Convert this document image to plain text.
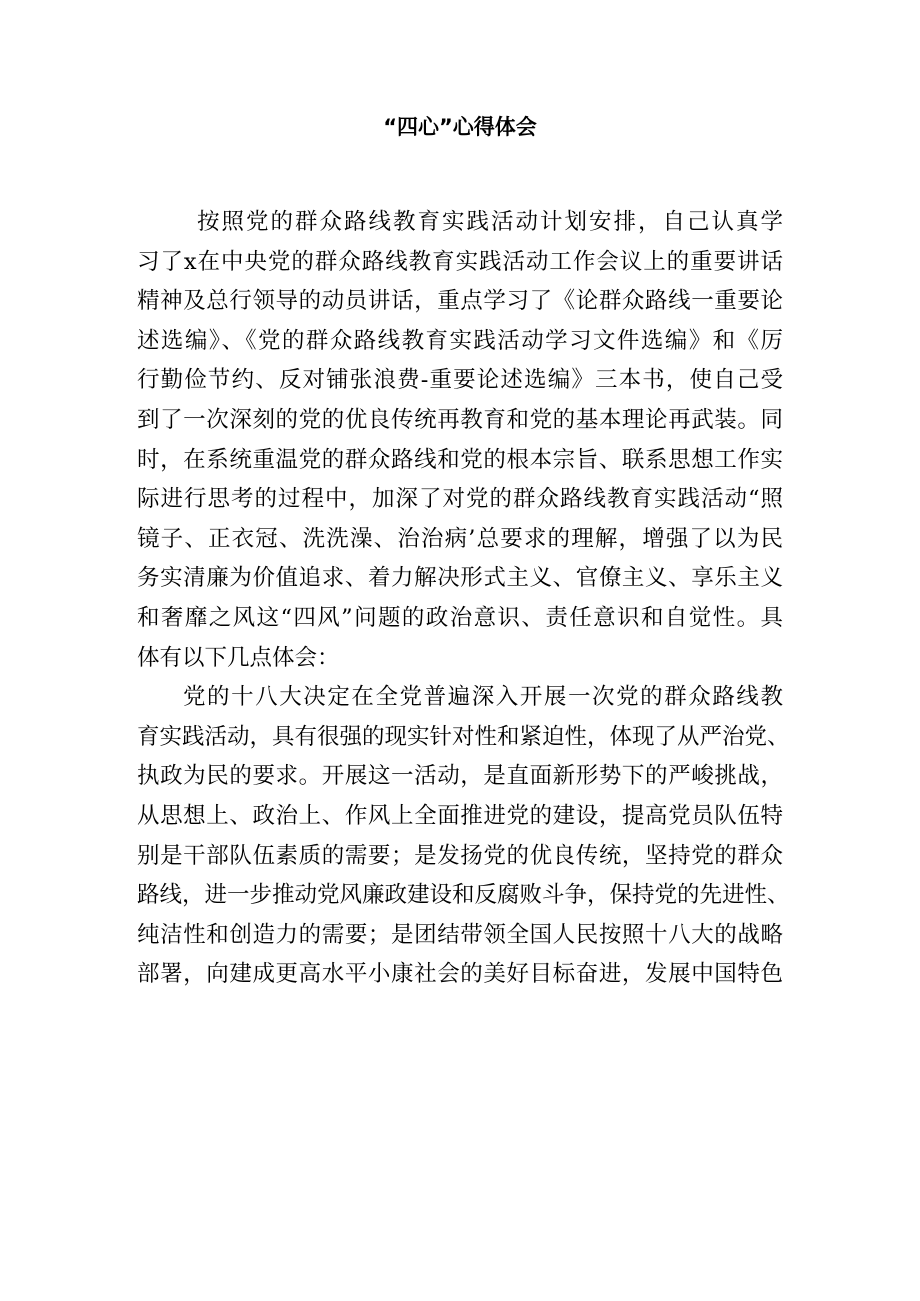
“四心”心得体会
按照党的群众路线教育实践活动计划安排，自己认真学
习了x在中央党的群众路线教育实践活动工作会议上的重要讲话
精神及总行领导的动员讲话，重点学习了《论群众路线一重要论
述选编》、《党的群众路线教育实践活动学习文件选编》和《厉
行勤俭节约、反对铺张浪费-重要论述选编》三本书，使自己受
到了一次深刻的党的优良传统再教育和党的基本理论再武装。同
时，在系统重温党的群众路线和党的根本宗旨、联系思想工作实
际进行思考的过程中，加深了对党的群众路线教育实践活动“照
镜子、正衣冠、洗洗澡、治治病’总要求的理解，增强了以为民
务实清廉为价值追求、着力解决形式主义、官僚主义、享乐主义
和奢靡之风这“四风”问题的政治意识、责任意识和自觉性。具
体有以下几点体会：
党的十八大决定在全党普遍深入开展一次党的群众路线教
育实践活动，具有很强的现实针对性和紧迫性，体现了从严治党、
执政为民的要求。开展这一活动，是直面新形势下的严峻挑战，
从思想上、政治上、作风上全面推进党的建设，提高党员队伍特
别是干部队伍素质的需要；是发扬党的优良传统，坚持党的群众
路线，进一步推动党风廉政建设和反腐败斗争，保持党的先进性、
纯洁性和创造力的需要；是团结带领全国人民按照十八大的战略
部署，向建成更高水平小康社会的美好目标奋进，发展中国特色
